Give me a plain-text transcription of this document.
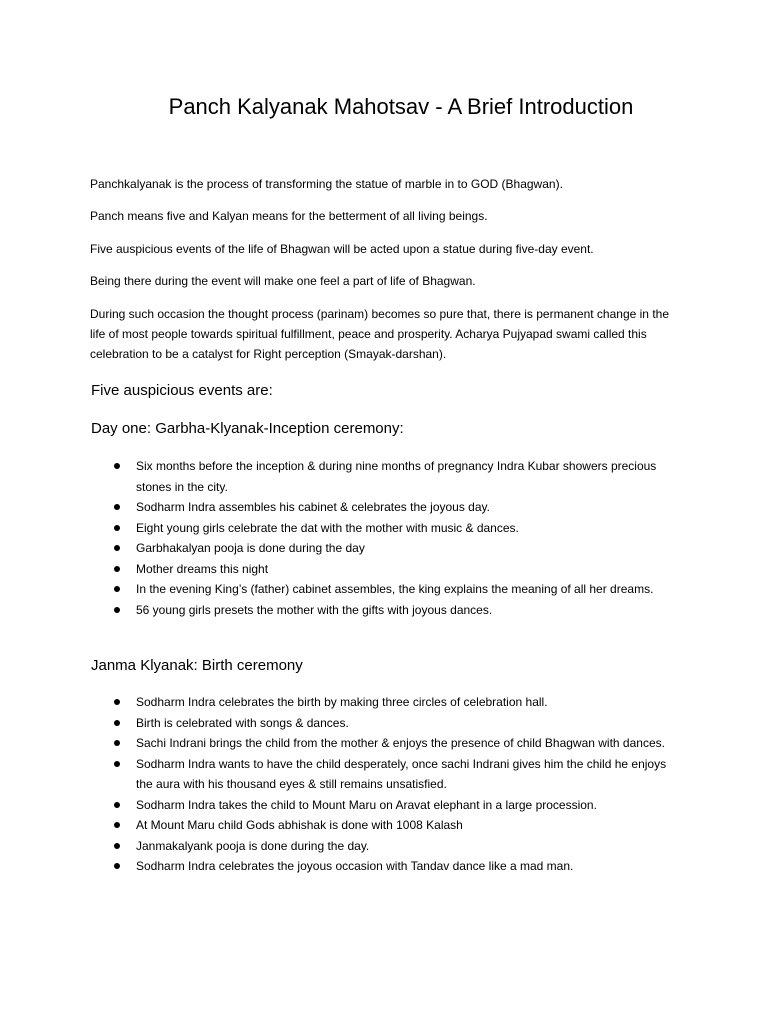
Panch Kalyanak Mahotsav - A Brief Introduction

Panchkalyanak is the process of transforming the statue of marble in to GOD (Bhagwan).

Panch means five and Kalyan means for the betterment of all living beings.

Five auspicious events of the life of Bhagwan will be acted upon a statue during five-day event.

Being there during the event will make one feel a part of life of Bhagwan.

During such occasion the thought process (parinam) becomes so pure that, there is permanent change in the life of most people towards spiritual fulfillment, peace and prosperity. Acharya Pujyapad swami called this celebration to be a catalyst for Right perception (Smayak-darshan).

Five auspicious events are:
Day one: Garbha-Klyanak-Inception ceremony:
Six months before the inception & during nine months of pregnancy Indra Kubar showers precious stones in the city.
Sodharm Indra assembles his cabinet & celebrates the joyous day.
Eight young girls celebrate the dat with the mother with music & dances.
Garbhakalyan pooja is done during the day
Mother dreams this night
In the evening King’s (father) cabinet assembles, the king explains the meaning of all her dreams.
56 young girls presets the mother with the gifts with joyous dances.
Janma Klyanak: Birth ceremony
Sodharm Indra celebrates the birth by making three circles of celebration hall.
Birth is celebrated with songs & dances.
Sachi Indrani brings the child from the mother & enjoys the presence of child Bhagwan with dances.
Sodharm Indra wants to have the child desperately, once sachi Indrani gives him the child he enjoys the aura with his thousand eyes & still remains unsatisfied.
Sodharm Indra takes the child to Mount Maru on Aravat elephant in a large procession.
At Mount Maru child Gods abhishak is done with 1008 Kalash
Janmakalyank pooja is done during the day.
Sodharm Indra celebrates the joyous occasion with Tandav dance like a mad man.
